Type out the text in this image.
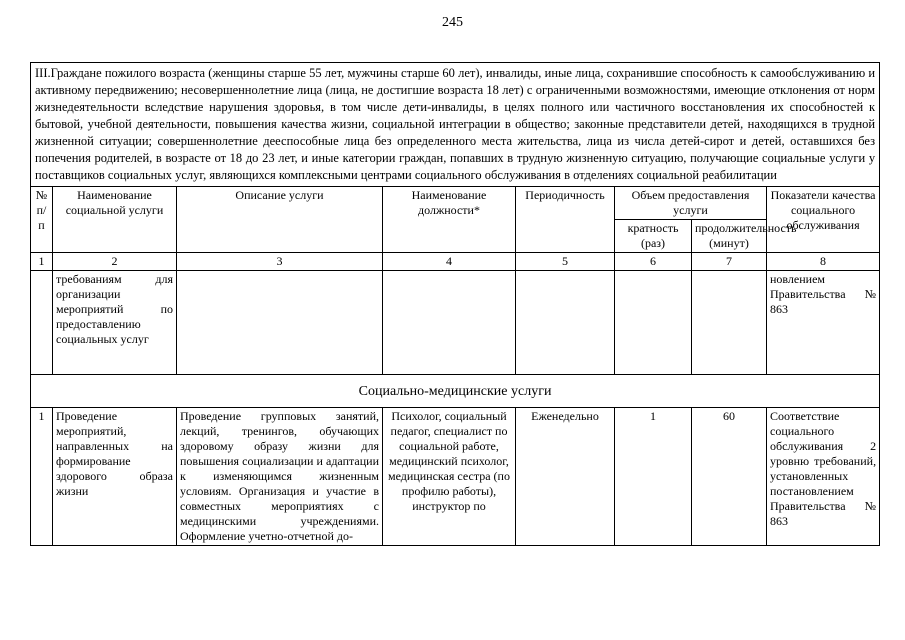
245
III.Граждане пожилого возраста (женщины старше 55 лет, мужчины старше 60 лет), инвалиды, иные лица, сохранившие способность к самообслуживанию и активному передвижению; несовершеннолетние лица (лица, не достигшие возраста 18 лет) с ограниченными возможностями, имеющие отклонения от норм жизнедеятельности вследствие нарушения здоровья, в том числе дети-инвалиды, в целях полного или частичного восстановления их способностей к бытовой, учебной деятельности, повышения качества жизни, социальной интеграции в общество; законные представители детей, находящихся в трудной жизненной ситуации; совершеннолетние дееспособные лица без определенного места жительства, лица из числа детей-сирот и детей, оставшихся без попечения родителей, в возрасте от 18 до 23 лет, и иные категории граждан, попавших в трудную жизненную ситуацию, получающие социальные услуги у поставщиков социальных услуг, являющихся комплексными центрами социального обслуживания в отделениях социальной реабилитации							
№ п/п	Наименование социальной услуги	Описание услуги	Наименование должности*	Периодичность	Объем предоставления услуги		Показатели качества социального обслуживания
					кратность (раз)	продолжительность (минут)	
1	2	3	4	5	6	7	8
	требованиям для организации мероприятий по предоставлению социальных услуг						новлением Правительства № 863
Социально-медицинские услуги							
1	Проведение мероприятий, направленных на формирование здорового образа жизни	Проведение групповых занятий, лекций, тренингов, обучающих здоровому образу жизни для повышения социализации и адаптации к изменяющимся жизненным условиям. Организация и участие в совместных мероприятиях с медицинскими учреждениями. Оформление учетно-отчетной до-	Психолог, социальный педагог, специалист по социальной работе, медицинский психолог, медицинская сестра (по профилю работы), инструктор по	Еженедельно	1	60	Соответствие социального обслуживания 2 уровню требований, установленных постановлением Правительства № 863
